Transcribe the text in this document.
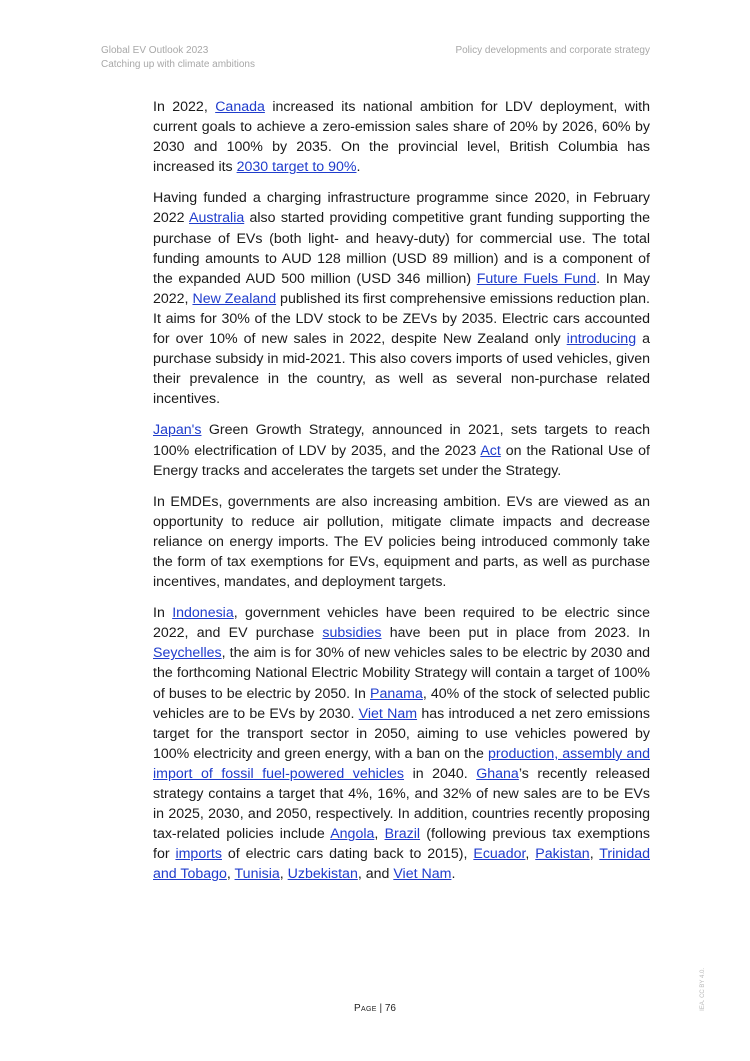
Global EV Outlook 2023
Catching up with climate ambitions
Policy developments and corporate strategy

In 2022, Canada increased its national ambition for LDV deployment, with current goals to achieve a zero-emission sales share of 20% by 2026, 60% by 2030 and 100% by 2035. On the provincial level, British Columbia has increased its 2030 target to 90%.

Having funded a charging infrastructure programme since 2020, in February 2022 Australia also started providing competitive grant funding supporting the purchase of EVs (both light- and heavy-duty) for commercial use. The total funding amounts to AUD 128 million (USD 89 million) and is a component of the expanded AUD 500 million (USD 346 million) Future Fuels Fund. In May 2022, New Zealand published its first comprehensive emissions reduction plan. It aims for 30% of the LDV stock to be ZEVs by 2035. Electric cars accounted for over 10% of new sales in 2022, despite New Zealand only introducing a purchase subsidy in mid-2021. This also covers imports of used vehicles, given their prevalence in the country, as well as several non-purchase related incentives.

Japan's Green Growth Strategy, announced in 2021, sets targets to reach 100% electrification of LDV by 2035, and the 2023 Act on the Rational Use of Energy tracks and accelerates the targets set under the Strategy.

In EMDEs, governments are also increasing ambition. EVs are viewed as an opportunity to reduce air pollution, mitigate climate impacts and decrease reliance on energy imports. The EV policies being introduced commonly take the form of tax exemptions for EVs, equipment and parts, as well as purchase incentives, mandates, and deployment targets.

In Indonesia, government vehicles have been required to be electric since 2022, and EV purchase subsidies have been put in place from 2023. In Seychelles, the aim is for 30% of new vehicles sales to be electric by 2030 and the forthcoming National Electric Mobility Strategy will contain a target of 100% of buses to be electric by 2050. In Panama, 40% of the stock of selected public vehicles are to be EVs by 2030. Viet Nam has introduced a net zero emissions target for the transport sector in 2050, aiming to use vehicles powered by 100% electricity and green energy, with a ban on the production, assembly and import of fossil fuel-powered vehicles in 2040. Ghana’s recently released strategy contains a target that 4%, 16%, and 32% of new sales are to be EVs in 2025, 2030, and 2050, respectively. In addition, countries recently proposing tax-related policies include Angola, Brazil (following previous tax exemptions for imports of electric cars dating back to 2015), Ecuador, Pakistan, Trinidad and Tobago, Tunisia, Uzbekistan, and Viet Nam.

Page | 76	IEA. CC BY 4.0.
